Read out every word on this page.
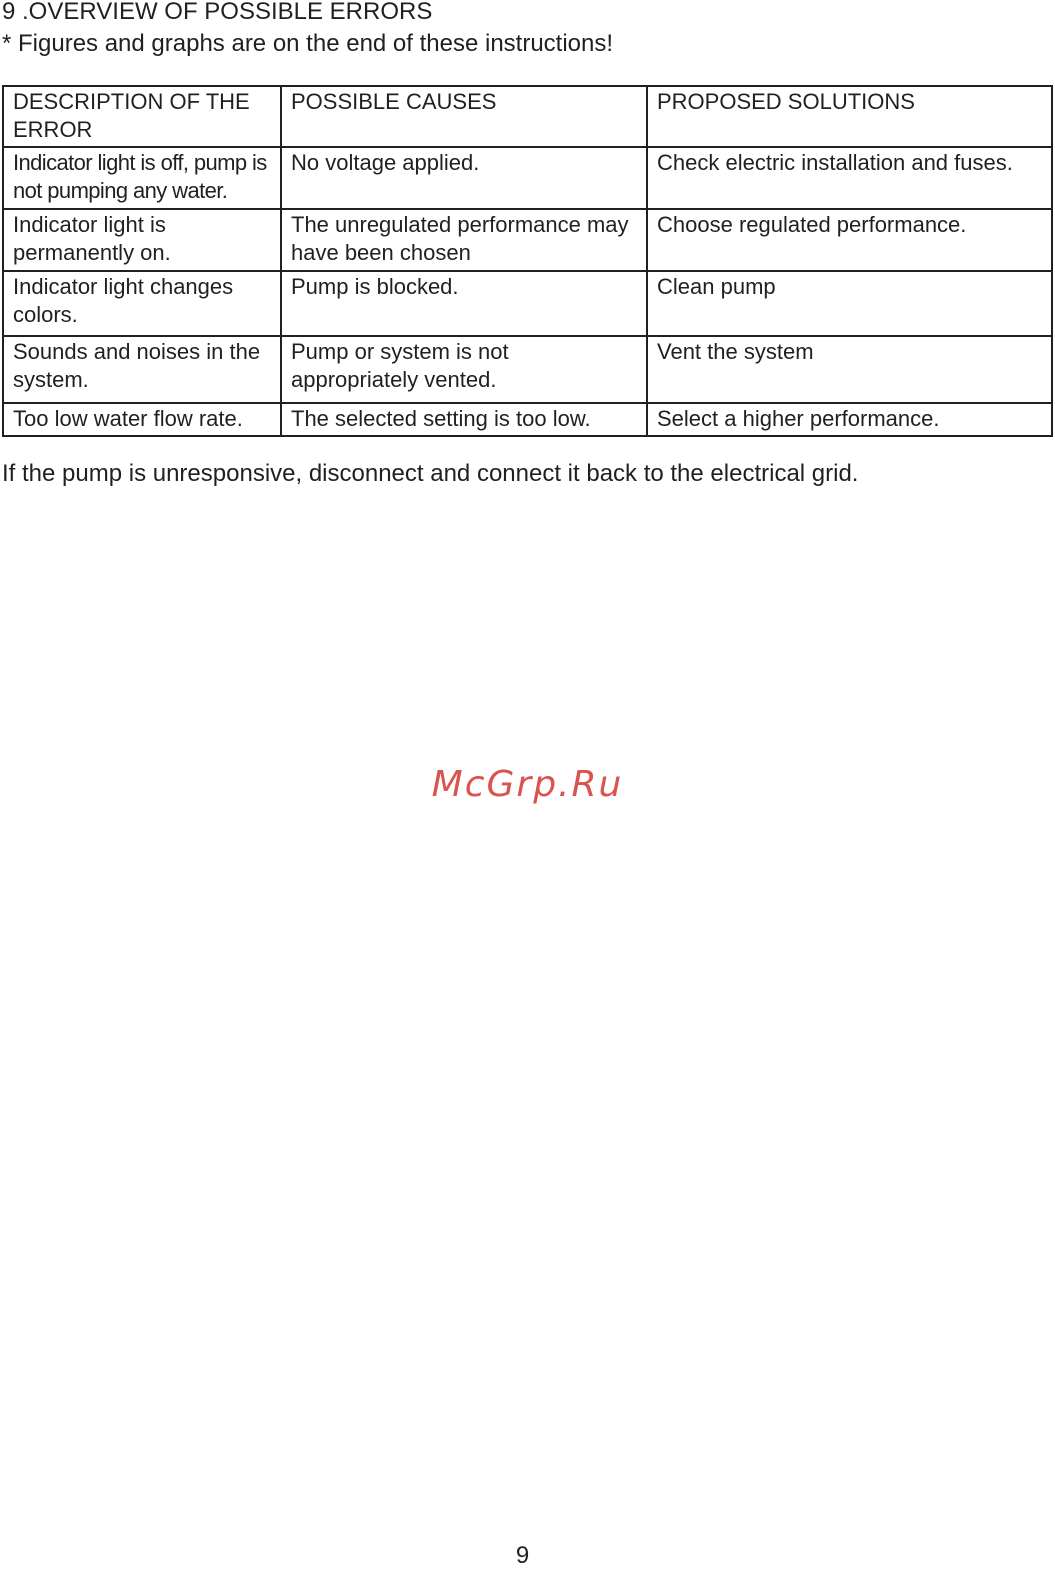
9 .OVERVIEW OF POSSIBLE ERRORS

* Figures and graphs are on the end of these instructions!

DESCRIPTION OF THE ERROR	POSSIBLE CAUSES	PROPOSED SOLUTIONS
Indicator light is off, pump is not pumping any water.	No voltage applied.	Check electric installation and fuses.
Indicator light is permanently on.	The unregulated performance may have been chosen	Choose regulated performance.
Indicator light changes colors.	Pump is blocked.	Clean pump
Sounds and noises in the system.	Pump or system is not appropriately vented.	Vent the system
Too low water flow rate.	The selected setting is too low.	Select a higher performance.

If the pump is unresponsive, disconnect and connect it back to the electrical grid.

McGrp.Ru
9
